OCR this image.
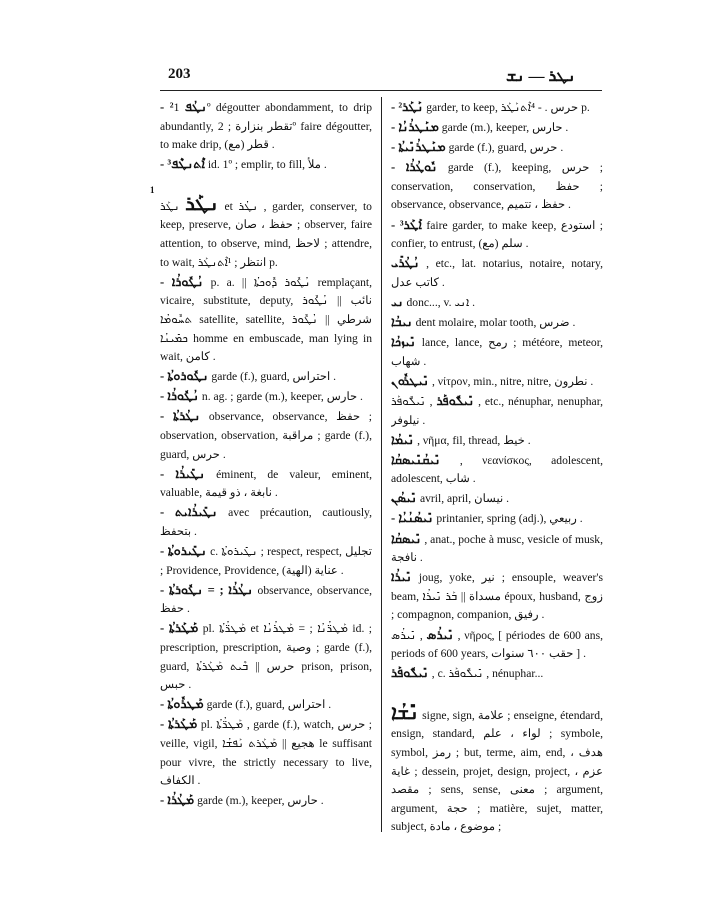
203	ܢܛܪ — ܢܫ
1

- ²ܢܛܳܦ 1º dégoutter abondamment, to drip abundantly, تقطر بنزارة ; 2º faire dégoutter, to make drip, قطر (مع) .

- ³ܐܶܬܢܛܶܦ id. 1º ; emplir, to fill, ملأ .

ܢܛܰܪ ܢܛܰܪ et ܢܛܳܪ , garder, conserver, to keep, preserve, حفظ ، صان ; observer, faire attention, to observe, mind, لاحظ ; attendre, to wait, انتظر ; ¹ܐܶܬܢܛܰܪ p.

- ܢܳܛܽܘܪܳܐ p. a. || ܢܳܛܽܘܪ ܕܽܘܟܬܳܐ remplaçant, vicaire, substitute, deputy, نائب || ܢܳܛܽܘܪ ܬܚܽܘܡܳܐ satellite, satellite, شرطي || ܢܳܛܽܘܪ ܟܡܺܝܢܳܐ homme en embuscade, man lying in wait, كامن .

- ܢܛܽܘܪܘܬܳܐ garde (f.), guard, احتراس .

- ܢܳܛܽܘܪܳܐ n. ag. ; garde (m.), keeper, حارس .

- ܢܛܳܪܬܳܐ observance, observance, حفظ ; observation, observation, مراقبة ; garde (f.), guard, حرس .

- ܢܛܺܝܪܳܐ éminent, de valeur, eminent, valuable, نابغة ، ذو قيمة .

- ܢܛܺܝܪܳܐܝܬ avec précaution, cautiously, بتحفظ .

- ܢܛܺܝܪܘܬܳܐ c. ܢܛܺܝܪܘܬܳܐ ; respect, respect, تجليل ; Providence, Providence, عناية (الهية) .

- ܢܛܳܪܳܐ ; = ܢܛܽܘܪܬܳܐ observance, observance, حفظ .

- ܡܰܛܰܪܬܳܐ pl. ܡܰܛܪ̈ܳܬܳܐ et ܡܰܛܪ̈ܳܢܳܐ ; = ܡܰܛܪܳܢܳܐ id. ; prescription, prescription, وصية ; garde (f.), guard, حرس || ܒܶܝܬ ܡܰܛܰܪܬܳܐ prison, prison, حبس .

- ܡܰܛܪܽܘܬܳܐ garde (f.), guard, احتراس .

- ܡܰܛܰܪܬܳܐ pl. ܡܰܛܪ̈ܳܬܳܐ , garde (f.), watch, حرس ; veille, vigil, هجيع || ܡܰܛܰܪܬ ܢܰܦܫܳܐ le suffisant pour vivre, the strictly necessary to live, الكفاف .

- ܡܰܛܳܪܳܐ garde (m.), keeper, حارس .

- ²ܢܰܛܰܪ garder, to keep, حرس . - ⁴ܐܶܬܢܰܛܰܪ p.

- ܡܢܰܛܪܳܢܳܐ garde (m.), keeper, حارس .

- ܡܢܰܛܪܳܢܺܝܬܳܐ garde (f.), guard, حرس .

- ܢܽܘܛܳܪܳܐ garde (f.), keeping, حرس ; conservation, conservation, حفظ ; observance, observance, حفظ ، تتميم .

- ³ܐܰܛܰܪ faire garder, to make keep, استودع ; confier, to entrust, سلم (مع) .

ܢܳܛܳܪܺܝ , etc., lat. notarius, notaire, notary, كاتب عدل .

ܢܝ donc..., v. ܐܢܝ .

ܢܝܒܳܐ dent molaire, molar tooth, ضرس .

ܢܺܝܙܟܳܐ lance, lance, رمح ; météore, meteor, شهاب .

ܢܺܝܛܪܽܘܢ , νίτρον, min., nitre, nitre, نطرون .

ܢܺܝܠܽܘܦܰܪ , ܢܺܝܠܽܘܦܰܪ , etc., nénuphar, nenuphar, نيلوفر .

ܢܺܝܡܳܐ , νῆμα, fil, thread, خيط .

ܢܺܝܩܳܢܺܝܣܩܳܐ , νεανίσκος, adolescent, adolescent, شاب .

ܢܺܝܣܳܢ avril, april, نيسان .

- ܢܺܝܣܳܢܳܝܳܐ printanier, spring (adj.), ربيعي .

ܢܺܝܣܩܳܐ , anat., poche à musc, vesicle of musk, نافجة .

ܢܺܝܪܳܐ joug, yoke, نير ; ensouple, weaver's beam, مسداة || ܒܰܪ ܢܺܝܪܳܐ époux, husband, زوج ; compagnon, companion, رفيق .

ܢܺܝܪܳܣ , ܢܺܝܪܳܣ , νῆρος, [ périodes de 600 ans, periods of 600 years, حقب ٦٠٠ سنوات ] .

ܢܺܝܠܽܘܦܰܪ , c. ܢܺܝܠܽܘܦܰܪ , nénuphar...

ܢܺܫܳܐ signe, sign, علامة ; enseigne, étendard, ensign, standard, لواء ، علم ; symbole, symbol, رمز ; but, terme, aim, end, هدف ، غاية ; dessein, projet, design, project, عزم ، مقصد ; sens, sense, معنى ; argument, argument, حجة ; matière, sujet, matter, subject, موضوع ، مادة ;
